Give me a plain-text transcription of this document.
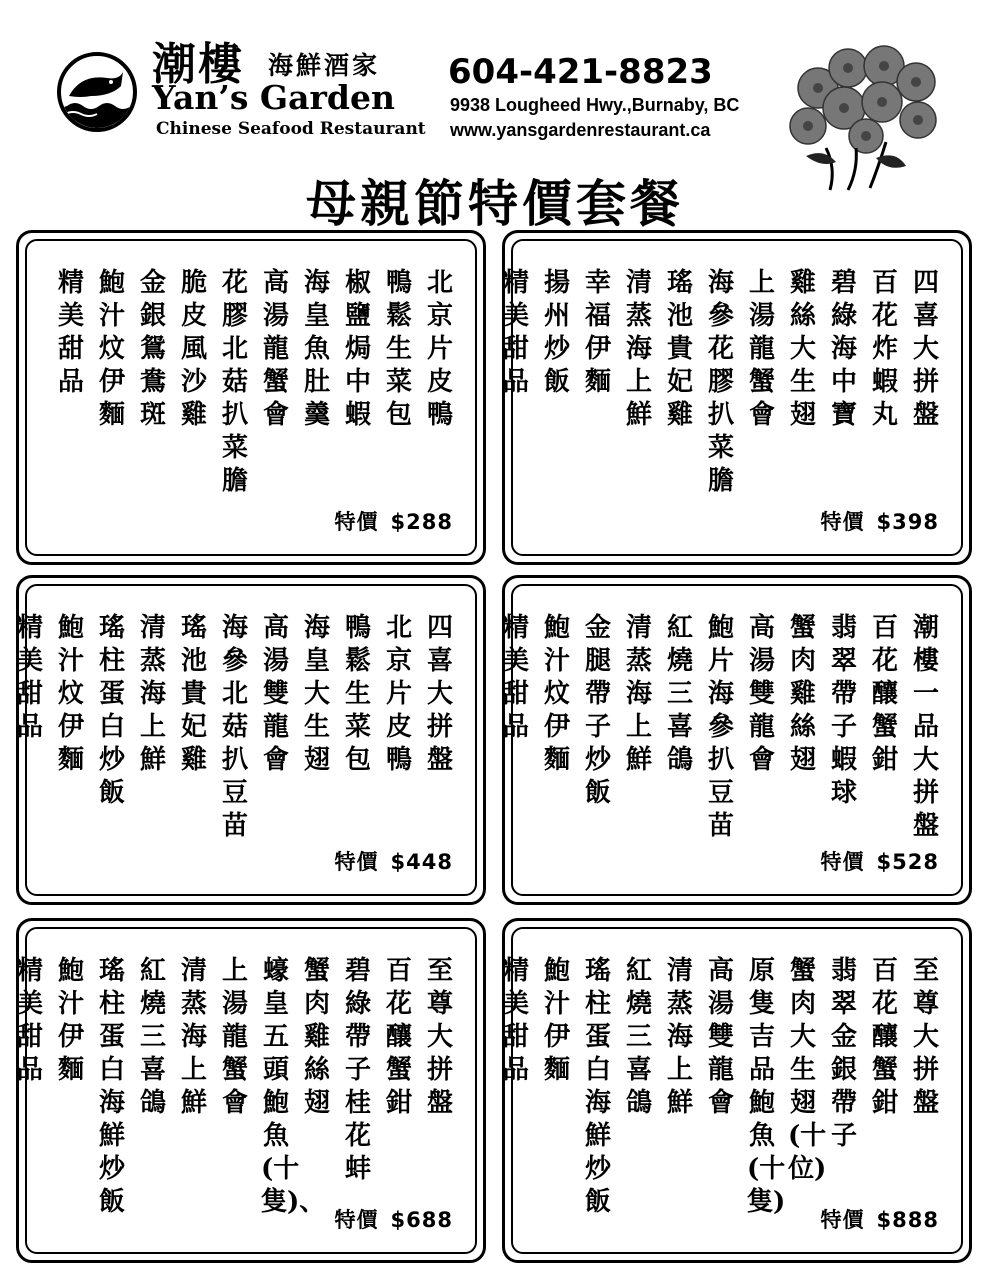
潮樓 海鮮酒家
Yan’s Garden
Chinese Seafood Restaurant
604-421-8823
9938 Lougheed Hwy.,Burnaby, BC
www.yansgardenrestaurant.ca
母親節特價套餐
北京片皮鴨
鴨鬆生菜包
椒鹽焗中蝦
海皇魚肚羹
高湯龍蟹會
花膠北菇扒菜膽
脆皮風沙雞
金銀鴛鴦斑
鮑汁炆伊麵
精美甜品
特價 $288
四喜大拼盤
百花炸蝦丸
碧綠海中寶
雞絲大生翅
上湯龍蟹會
海參花膠扒菜膽
瑤池貴妃雞
清蒸海上鮮
幸福伊麵
揚州炒飯
精美甜品
特價 $398
四喜大拼盤
北京片皮鴨
鴨鬆生菜包
海皇大生翅
高湯雙龍會
海參北菇扒豆苗
瑤池貴妃雞
清蒸海上鮮
瑤柱蛋白炒飯
鮑汁炆伊麵
精美甜品
特價 $448
潮樓一品大拼盤
百花釀蟹鉗
翡翠帶子蝦球
蟹肉雞絲翅
高湯雙龍會
鮑片海參扒豆苗
紅燒三喜鴿
清蒸海上鮮
金腿帶子炒飯
鮑汁炆伊麵
精美甜品
特價 $528
至尊大拼盤
百花釀蟹鉗
碧綠帶子桂花蚌
蟹肉雞絲翅
蠔皇五頭鮑魚(十隻)、
上湯龍蟹會
清蒸海上鮮
紅燒三喜鴿
瑤柱蛋白海鮮炒飯
鮑汁伊麵
精美甜品
特價 $688
至尊大拼盤
百花釀蟹鉗
翡翠金銀帶子
蟹肉大生翅(十位)
原隻吉品鮑魚(十隻)
高湯雙龍會
清蒸海上鮮
紅燒三喜鴿
瑤柱蛋白海鮮炒飯
鮑汁伊麵
精美甜品
特價 $888
